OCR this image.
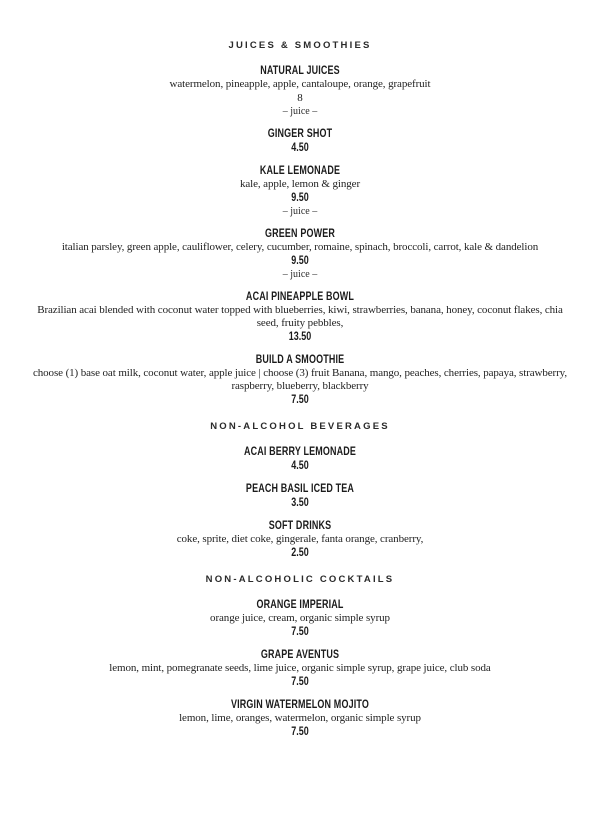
JUICES & SMOOTHIES
NATURAL JUICES
watermelon, pineapple, apple, cantaloupe, orange, grapefruit
8
– juice –
GINGER SHOT
4.50
KALE LEMONADE
kale, apple, lemon & ginger
9.50
– juice –
GREEN POWER
italian parsley, green apple, cauliflower, celery, cucumber, romaine, spinach, broccoli, carrot, kale & dandelion
9.50
– juice –
ACAI PINEAPPLE BOWL
Brazilian acai blended with coconut water topped with blueberries, kiwi, strawberries, banana, honey, coconut flakes, chia seed, fruity pebbles,
13.50
BUILD A SMOOTHIE
choose (1) base oat milk, coconut water, apple juice | choose (3) fruit Banana, mango, peaches, cherries, papaya, strawberry, raspberry, blueberry, blackberry
7.50
NON-ALCOHOL BEVERAGES
ACAI BERRY LEMONADE
4.50
PEACH BASIL ICED TEA
3.50
SOFT DRINKS
coke, sprite, diet coke, gingerale, fanta orange, cranberry,
2.50
NON-ALCOHOLIC COCKTAILS
ORANGE IMPERIAL
orange juice, cream, organic simple syrup
7.50
GRAPE AVENTUS
lemon, mint, pomegranate seeds, lime juice, organic simple syrup, grape juice, club soda
7.50
VIRGIN WATERMELON MOJITO
lemon, lime, oranges, watermelon, organic simple syrup
7.50
